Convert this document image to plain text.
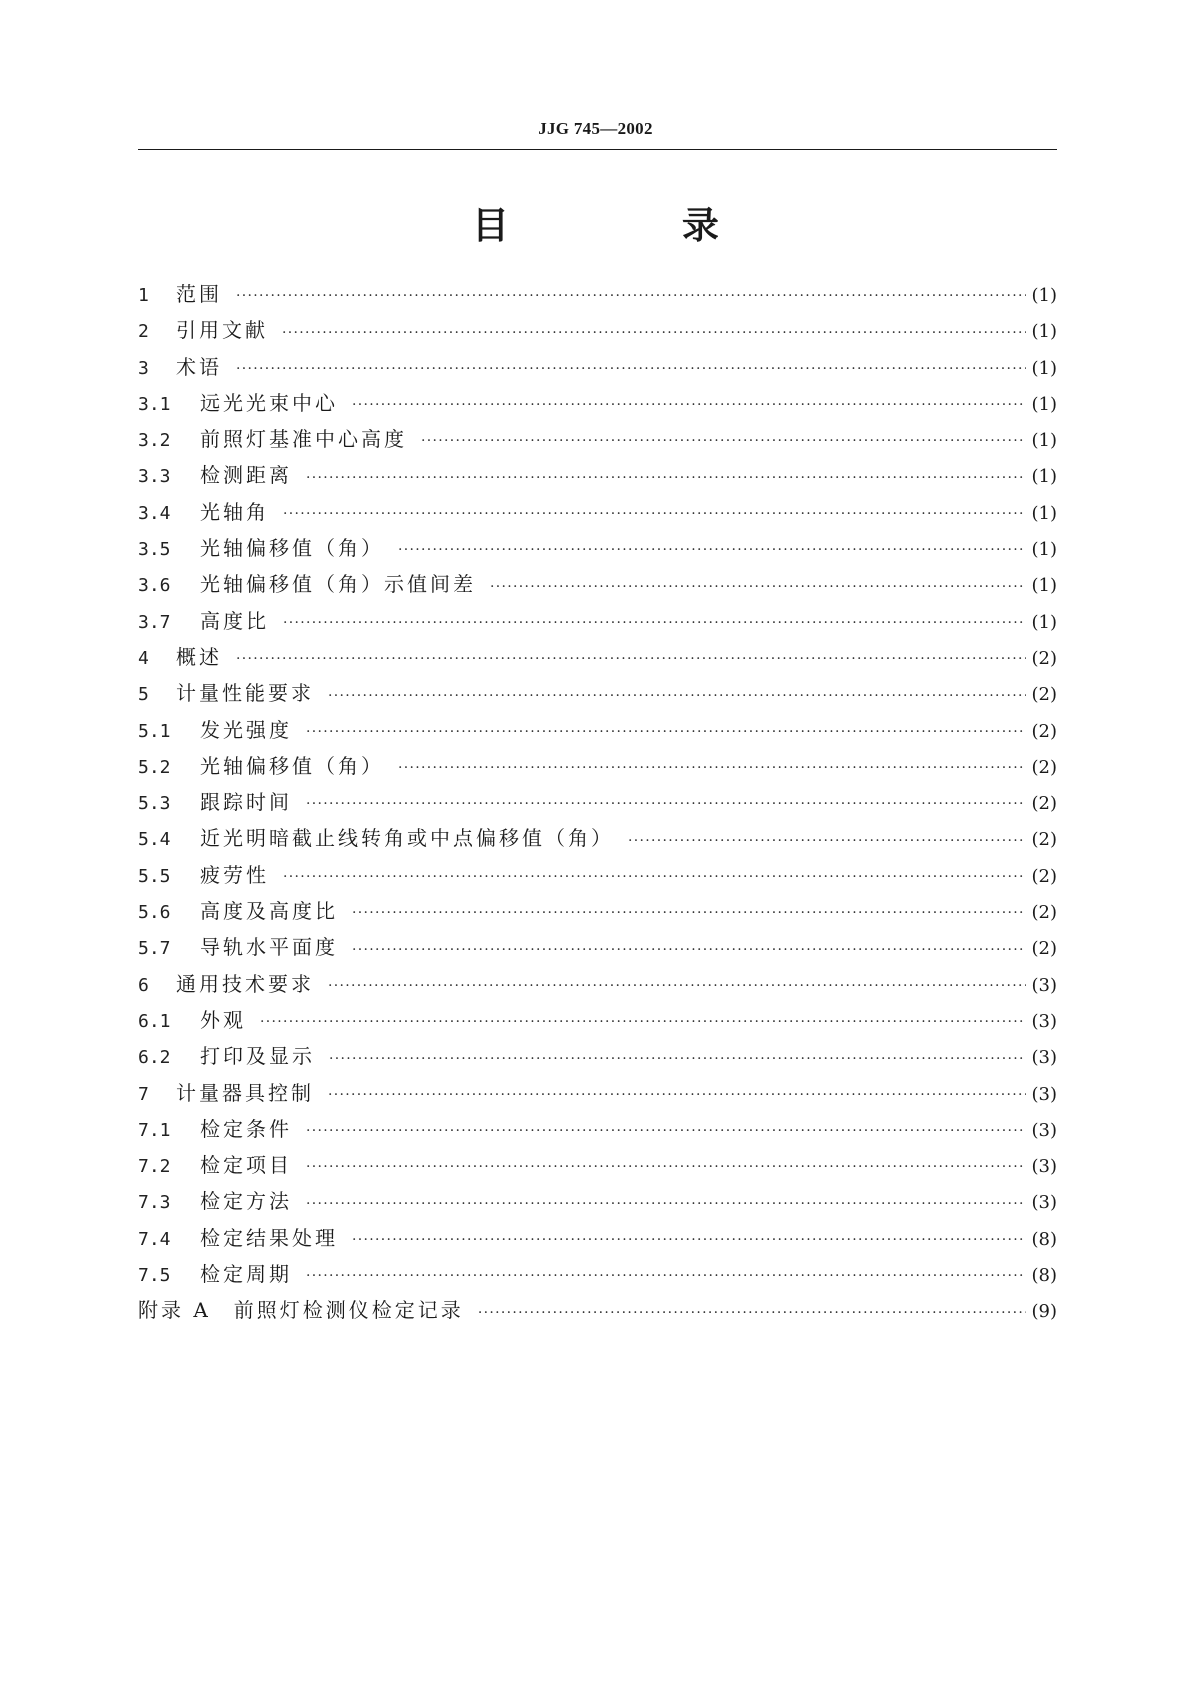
JJG 745—2002
目 录
1	范围 ·····	(1)
2	引用文献 ·····	(1)
3	术语 ·····	(1)
3.1	远光光束中心 ·····	(1)
3.2	前照灯基准中心高度 ·····	(1)
3.3	检测距离 ·····	(1)
3.4	光轴角 ·····	(1)
3.5	光轴偏移值（角） ·····	(1)
3.6	光轴偏移值（角）示值间差 ·····	(1)
3.7	高度比 ·····	(1)
4	概述 ·····	(2)
5	计量性能要求 ·····	(2)
5.1	发光强度 ·····	(2)
5.2	光轴偏移值（角） ·····	(2)
5.3	跟踪时间 ·····	(2)
5.4	近光明暗截止线转角或中点偏移值（角） ·····	(2)
5.5	疲劳性 ·····	(2)
5.6	高度及高度比 ·····	(2)
5.7	导轨水平面度 ·····	(2)
6	通用技术要求 ·····	(3)
6.1	外观 ·····	(3)
6.2	打印及显示 ·····	(3)
7	计量器具控制 ·····	(3)
7.1	检定条件 ·····	(3)
7.2	检定项目 ·····	(3)
7.3	检定方法 ·····	(3)
7.4	检定结果处理 ·····	(8)
7.5	检定周期 ·····	(8)
附录 A　前照灯检测仪检定记录 ·····	(9)
